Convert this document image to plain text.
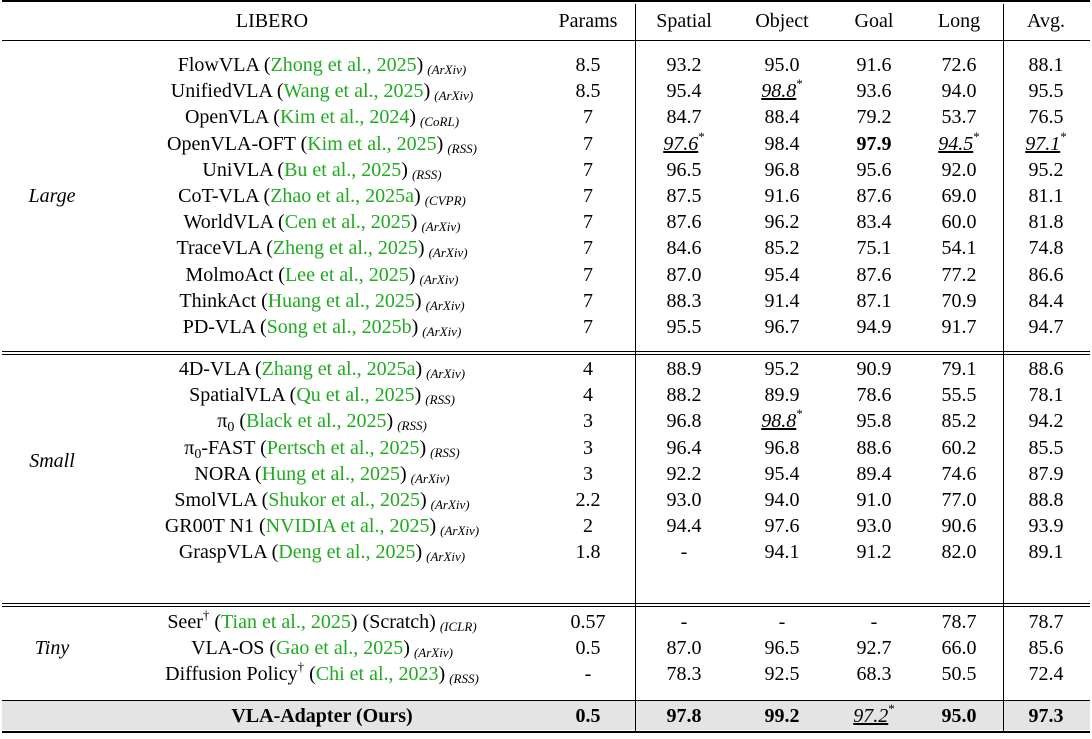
LIBERO	Params	Spatial	Object	Goal	Long	Avg.
FlowVLA (Zhong et al., 2025) (ArXiv)	8.5	93.2	95.0	91.6	72.6	88.1
UnifiedVLA (Wang et al., 2025) (ArXiv)	8.5	95.4	98.8*	93.6	94.0	95.5
OpenVLA (Kim et al., 2024) (CoRL)	7	84.7	88.4	79.2	53.7	76.5
OpenVLA-OFT (Kim et al., 2025) (RSS)	7	97.6*	98.4	97.9	94.5*	97.1*
UniVLA (Bu et al., 2025) (RSS)	7	96.5	96.8	95.6	92.0	95.2
CoT-VLA (Zhao et al., 2025a) (CVPR)	7	87.5	91.6	87.6	69.0	81.1
WorldVLA (Cen et al., 2025) (ArXiv)	7	87.6	96.2	83.4	60.0	81.8
TraceVLA (Zheng et al., 2025) (ArXiv)	7	84.6	85.2	75.1	54.1	74.8
MolmoAct (Lee et al., 2025) (ArXiv)	7	87.0	95.4	87.6	77.2	86.6
ThinkAct (Huang et al., 2025) (ArXiv)	7	88.3	91.4	87.1	70.9	84.4
PD-VLA (Song et al., 2025b) (ArXiv)	7	95.5	96.7	94.9	91.7	94.7
Large
4D-VLA (Zhang et al., 2025a) (ArXiv)	4	88.9	95.2	90.9	79.1	88.6
SpatialVLA (Qu et al., 2025) (RSS)	4	88.2	89.9	78.6	55.5	78.1
$\pi_0$ (Black et al., 2025) (RSS)	3	96.8	98.8*	95.8	85.2	94.2
$\pi_0$-FAST (Pertsch et al., 2025) (RSS)	3	96.4	96.8	88.6	60.2	85.5
NORA (Hung et al., 2025) (ArXiv)	3	92.2	95.4	89.4	74.6	87.9
SmolVLA (Shukor et al., 2025) (ArXiv)	2.2	93.0	94.0	91.0	77.0	88.8
GR00T N1 (NVIDIA et al., 2025) (ArXiv)	2	94.4	97.6	93.0	90.6	93.9
GraspVLA (Deng et al., 2025) (ArXiv)	1.8	-	94.1	91.2	82.0	89.1
Small
Seer† (Tian et al., 2025) (Scratch) (ICLR)	0.57	-	-	-	78.7	78.7
VLA-OS (Gao et al., 2025) (ArXiv)	0.5	87.0	96.5	92.7	66.0	85.6
Diffusion Policy† (Chi et al., 2023) (RSS)	-	78.3	92.5	68.3	50.5	72.4
Tiny
VLA-Adapter (Ours)	0.5	97.8	99.2	97.2*	95.0	97.3
